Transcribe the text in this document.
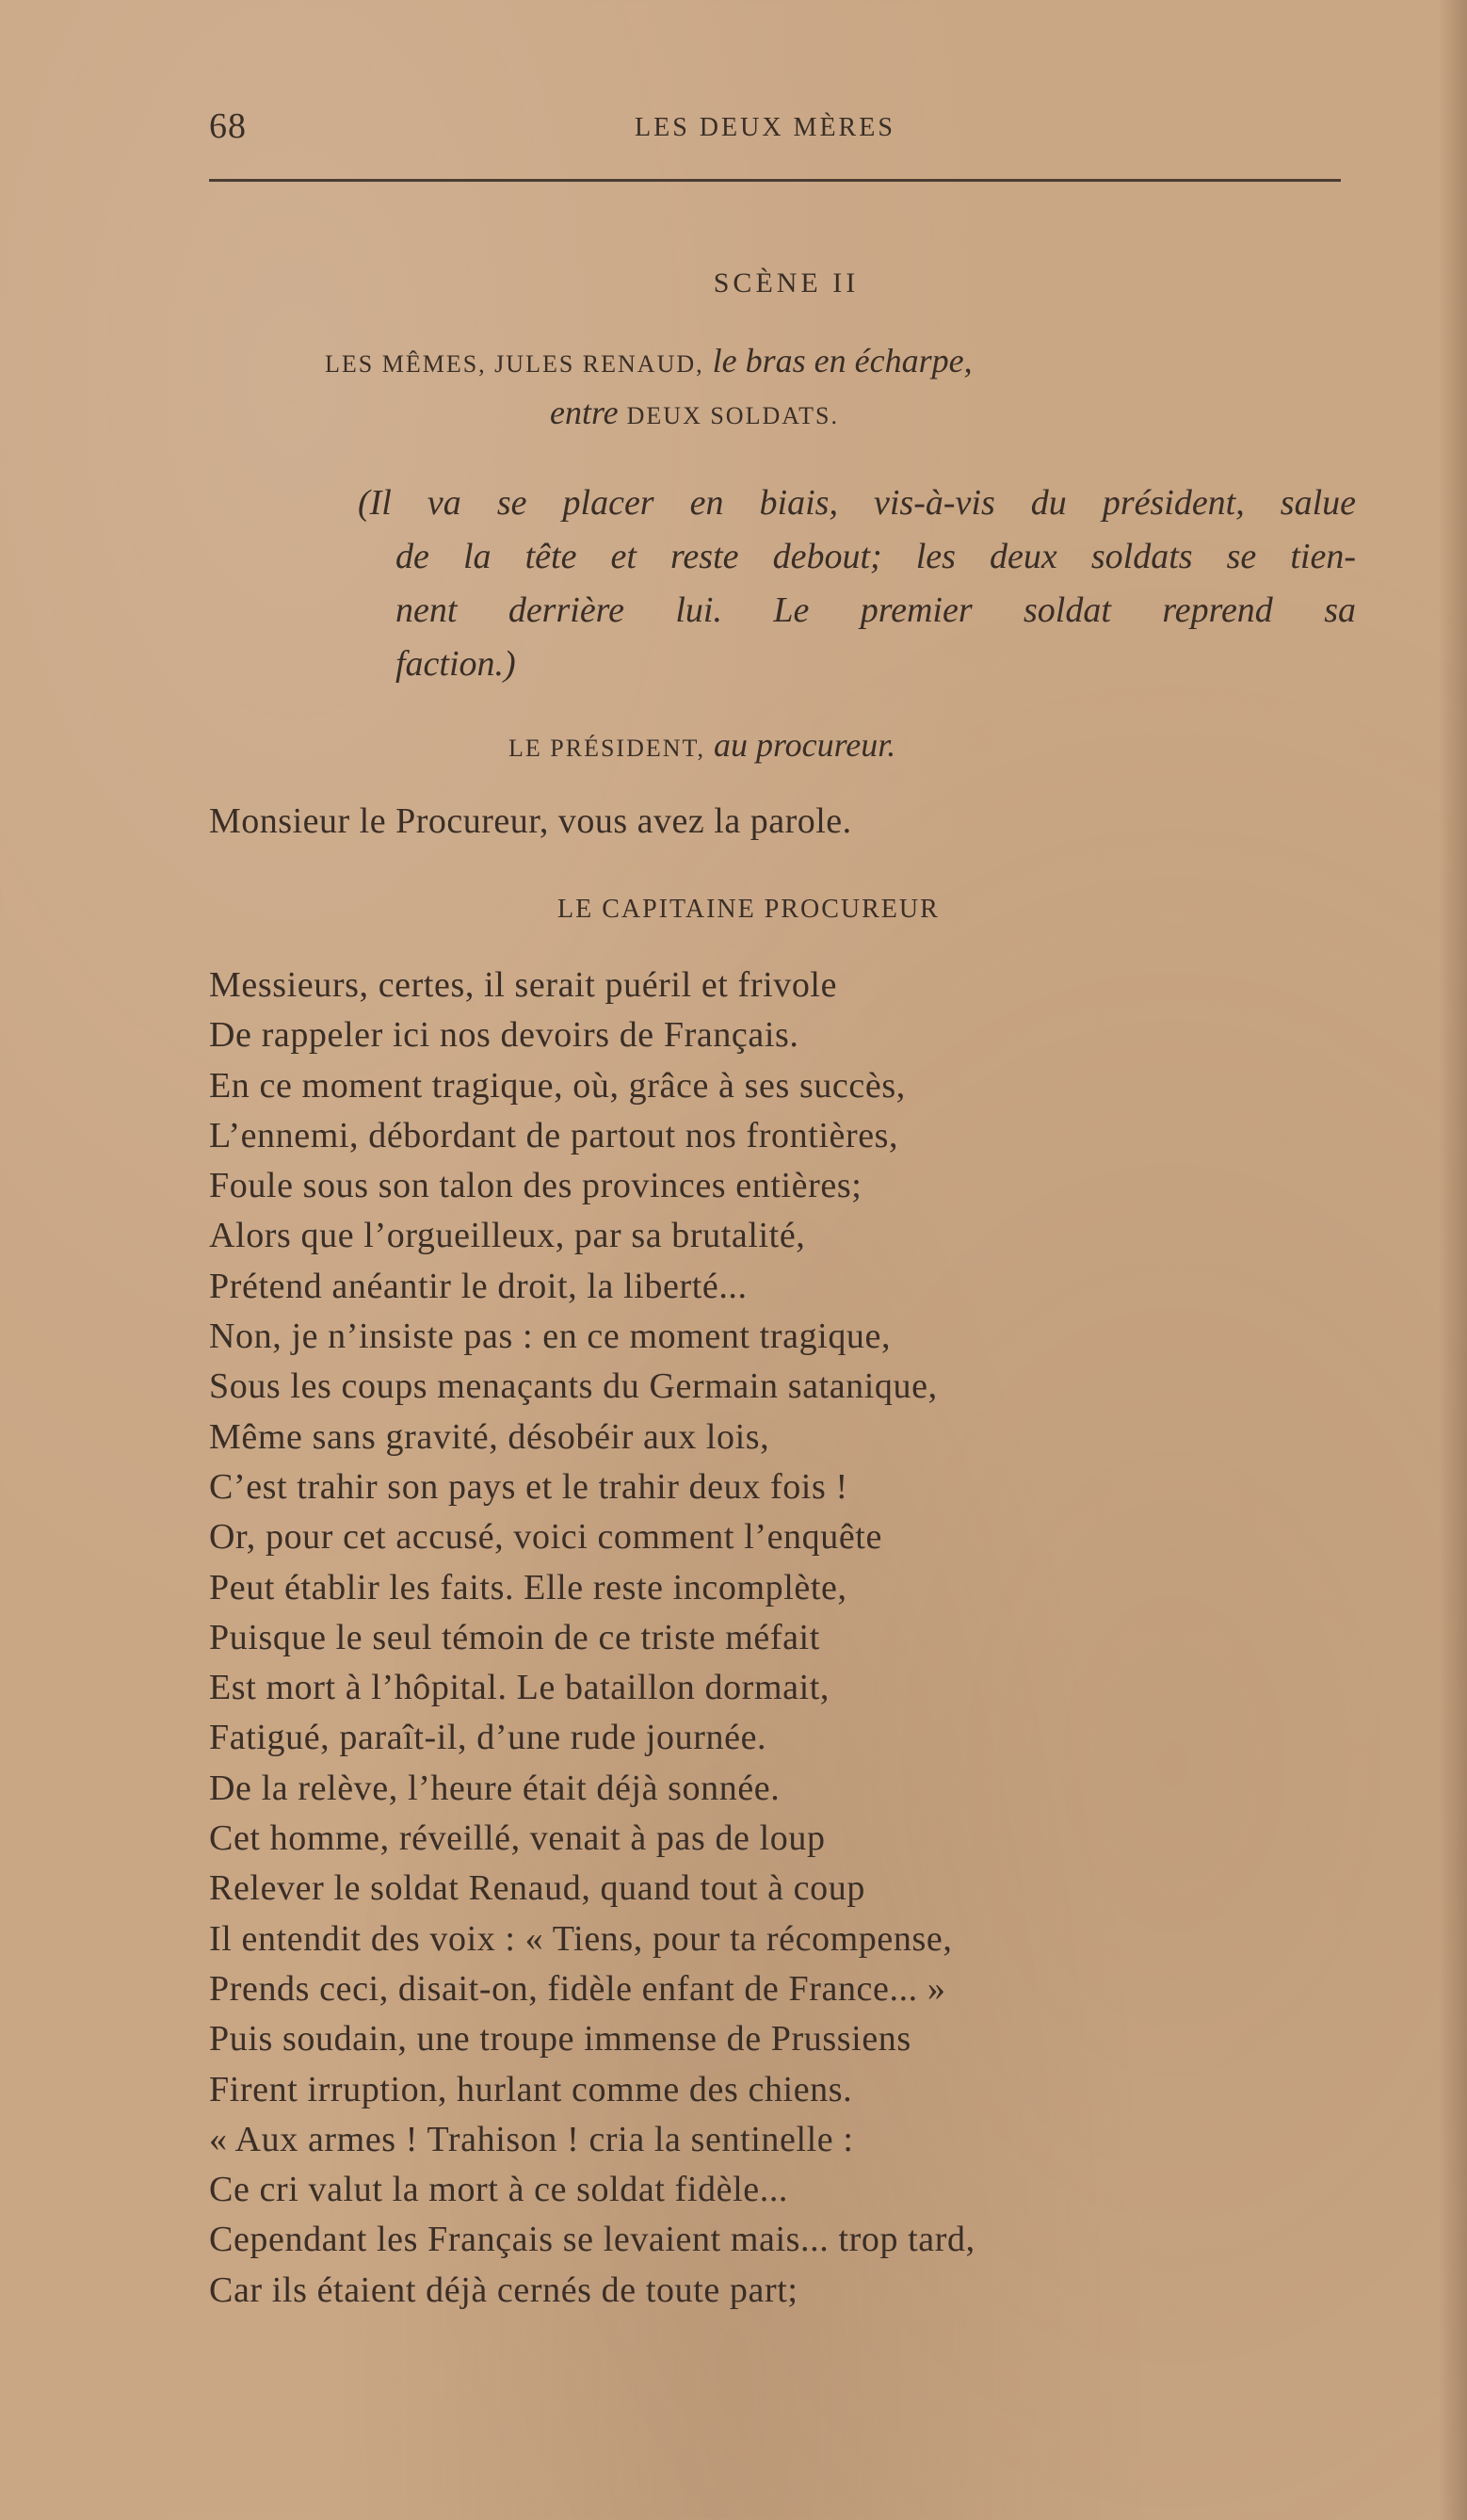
68	LES DEUX MÈRES
SCÈNE II
LES MÊMES, JULES RENAUD, le bras en écharpe,
entre DEUX SOLDATS.
(Il va se placer en biais, vis-à-vis du président, salue
de la tête et reste debout; les deux soldats se tien-
nent derrière lui. Le premier soldat reprend sa
faction.)
LE PRÉSIDENT, au procureur.
Monsieur le Procureur, vous avez la parole.
LE CAPITAINE PROCUREUR
Messieurs, certes, il serait puéril et frivole
De rappeler ici nos devoirs de Français.
En ce moment tragique, où, grâce à ses succès,
L’ennemi, débordant de partout nos frontières,
Foule sous son talon des provinces entières;
Alors que l’orgueilleux, par sa brutalité,
Prétend anéantir le droit, la liberté...
Non, je n’insiste pas : en ce moment tragique,
Sous les coups menaçants du Germain satanique,
Même sans gravité, désobéir aux lois,
C’est trahir son pays et le trahir deux fois !
Or, pour cet accusé, voici comment l’enquête
Peut établir les faits. Elle reste incomplète,
Puisque le seul témoin de ce triste méfait
Est mort à l’hôpital. Le bataillon dormait,
Fatigué, paraît-il, d’une rude journée.
De la relève, l’heure était déjà sonnée.
Cet homme, réveillé, venait à pas de loup
Relever le soldat Renaud, quand tout à coup
Il entendit des voix : « Tiens, pour ta récompense,
Prends ceci, disait-on, fidèle enfant de France... »
Puis soudain, une troupe immense de Prussiens
Firent irruption, hurlant comme des chiens.
« Aux armes ! Trahison ! cria la sentinelle :
Ce cri valut la mort à ce soldat fidèle...
Cependant les Français se levaient mais... trop tard,
Car ils étaient déjà cernés de toute part;
